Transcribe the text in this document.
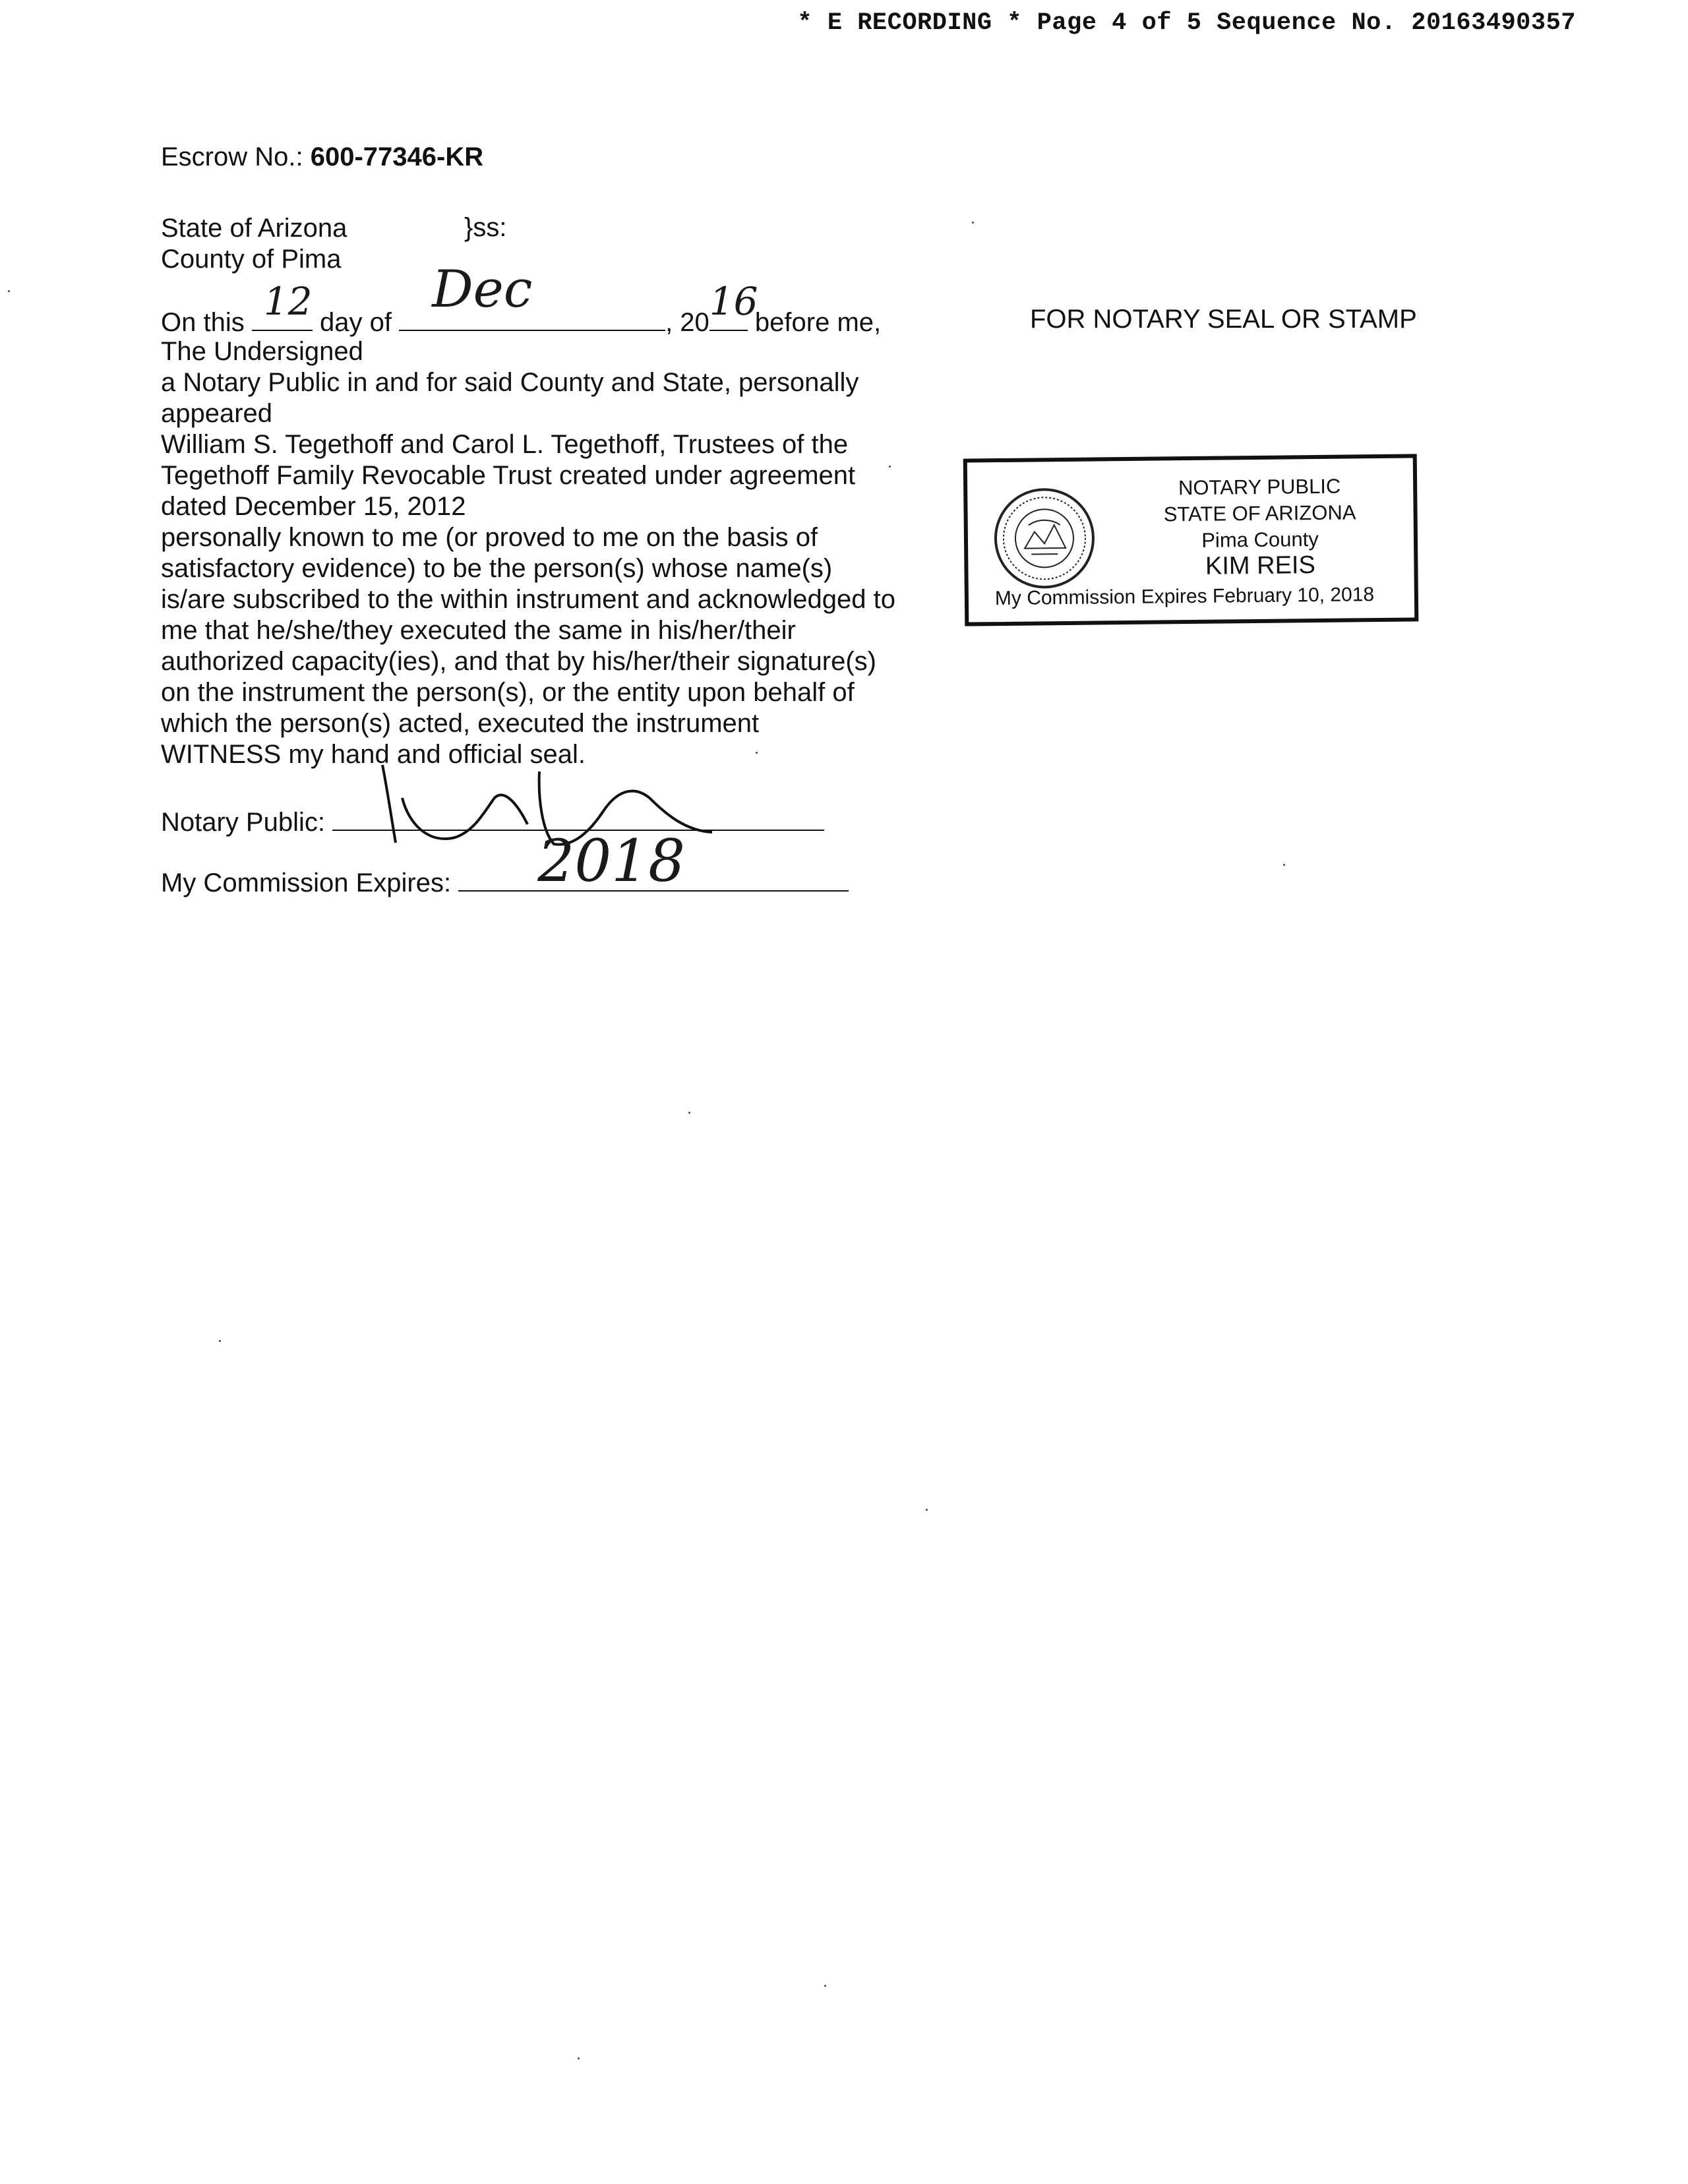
* E RECORDING * Page 4 of 5 Sequence No. 20163490357
Escrow No.: 600-77346-KR
State of Arizona	}ss:
County of Pima
On this 12 day of
Dec
, 20 16
before me,
The Undersigned
a Notary Public in and for said County and State, personally
appeared
William S. Tegethoff and Carol L. Tegethoff, Trustees of the
Tegethoff Family Revocable Trust created under agreement
dated December 15, 2012
personally known to me (or proved to me on the basis of
satisfactory evidence) to be the person(s) whose name(s)
is/are subscribed to the within instrument and acknowledged to
me that he/she/they executed the same in his/her/their
authorized capacity(ies), and that by his/her/their signature(s)
on the instrument the person(s), or the entity upon behalf of
which the person(s) acted, executed the instrument
WITNESS my hand and official seal.
Notary Public:
My Commission Expires: 2018
FOR NOTARY SEAL OR STAMP
NOTARY PUBLIC
STATE OF ARIZONA
Pima County
KIM REIS
My Commission Expires February 10, 2018
